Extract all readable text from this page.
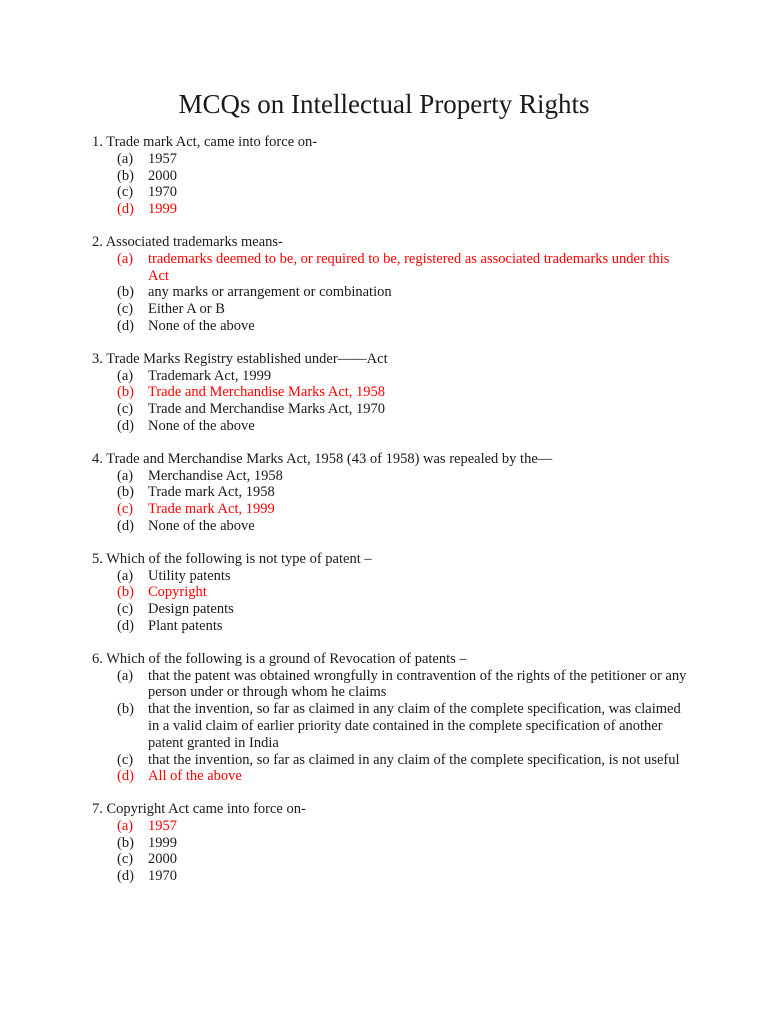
MCQs on Intellectual Property Rights
1. Trade mark Act, came into force on-
(a)	1957
(b) 2000
(c)	1970
(d) 1999
2. Associated trademarks means-
(a)	trademarks deemed to be, or required to be, registered as associated trademarks under this Act
(b) any marks or arrangement or combination
(c)	Either A or B
(d) None of the above
3. Trade Marks Registry established under——Act
(a)	Trademark Act, 1999
(b) Trade and Merchandise Marks Act, 1958
(c)	Trade and Merchandise Marks Act, 1970
(d) None of the above
4. Trade and Merchandise Marks Act, 1958 (43 of 1958) was repealed by the—
(a)	Merchandise Act, 1958
(b) Trade mark Act, 1958
(c)	Trade mark Act, 1999
(d) None of the above
5. Which of the following is not type of patent –
(a)	Utility patents
(b) Copyright
(c)	Design patents
(d) Plant patents
6. Which of the following is a ground of Revocation of patents –
(a)	that the patent was obtained wrongfully in contravention of the rights of the petitioner or any person under or through whom he claims
(b) that the invention, so far as claimed in any claim of the complete specification, was claimed in a valid claim of earlier priority date contained in the complete specification of another patent granted in India
(c)	that the invention, so far as claimed in any claim of the complete specification, is not useful
(d) All of the above
7. Copyright Act came into force on-
(a)	1957
(b) 1999
(c)	2000
(d) 1970
